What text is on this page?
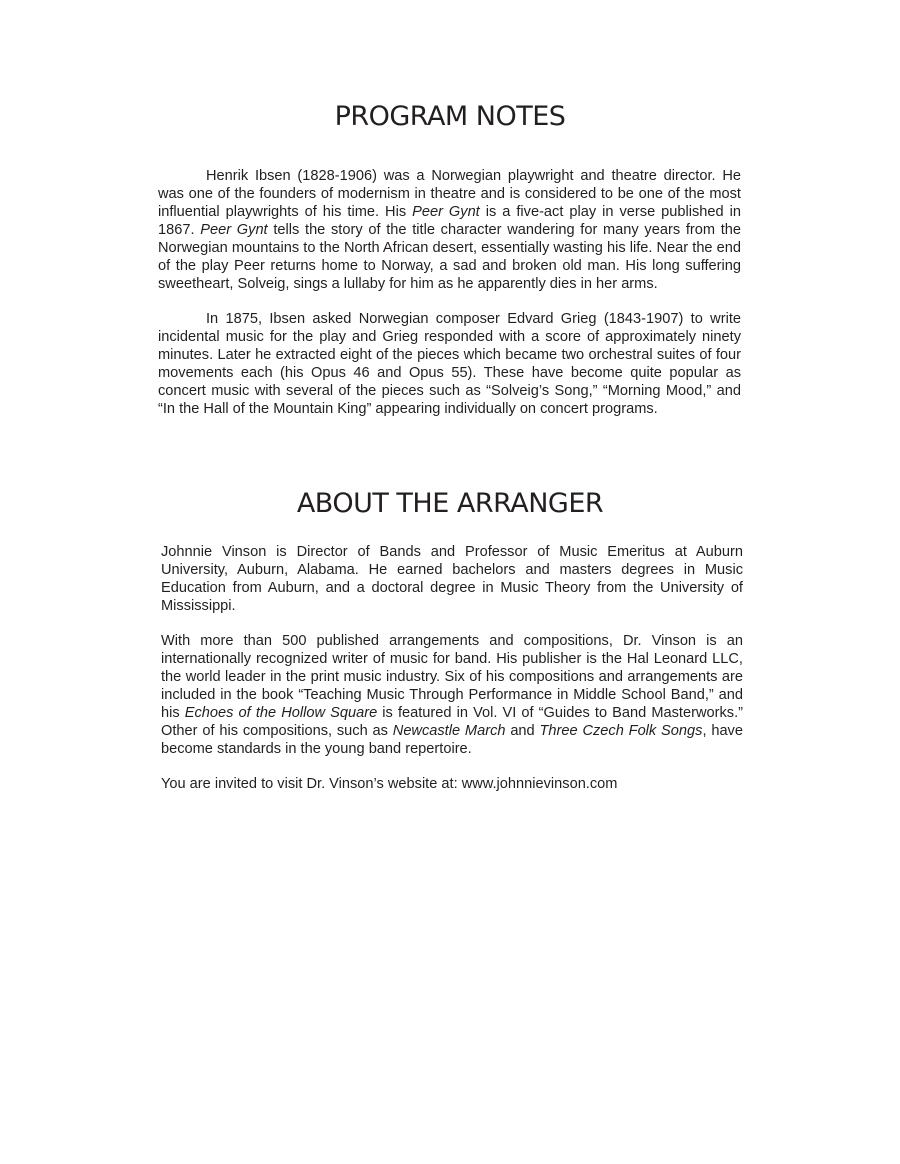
PROGRAM NOTES

Henrik Ibsen (1828-1906) was a Norwegian playwright and theatre director. He was one of the founders of modernism in theatre and is considered to be one of the most influential playwrights of his time. His Peer Gynt is a five-act play in verse published in 1867. Peer Gynt tells the story of the title character wandering for many years from the Norwegian mountains to the North African desert, essentially wasting his life. Near the end of the play Peer returns home to Norway, a sad and broken old man. His long suffering sweetheart, Solveig, sings a lullaby for him as he apparently dies in her arms.

In 1875, Ibsen asked Norwegian composer Edvard Grieg (1843-1907) to write incidental music for the play and Grieg responded with a score of approximately ninety minutes. Later he extracted eight of the pieces which became two orchestral suites of four movements each (his Opus 46 and Opus 55). These have become quite popular as concert music with several of the pieces such as “Solveig’s Song,” “Morning Mood,” and “In the Hall of the Mountain King” appearing individually on concert programs.

ABOUT THE ARRANGER

Johnnie Vinson is Director of Bands and Professor of Music Emeritus at Auburn University, Auburn, Alabama. He earned bachelors and masters degrees in Music Education from Auburn, and a doctoral degree in Music Theory from the University of Mississippi.

With more than 500 published arrangements and compositions, Dr. Vinson is an internationally recognized writer of music for band. His publisher is the Hal Leonard LLC, the world leader in the print music industry. Six of his compositions and arrangements are included in the book “Teaching Music Through Performance in Middle School Band,” and his Echoes of the Hollow Square is featured in Vol. VI of “Guides to Band Masterworks.” Other of his compositions, such as Newcastle March and Three Czech Folk Songs, have become standards in the young band repertoire.

You are invited to visit Dr. Vinson’s website at: www.johnnievinson.com
